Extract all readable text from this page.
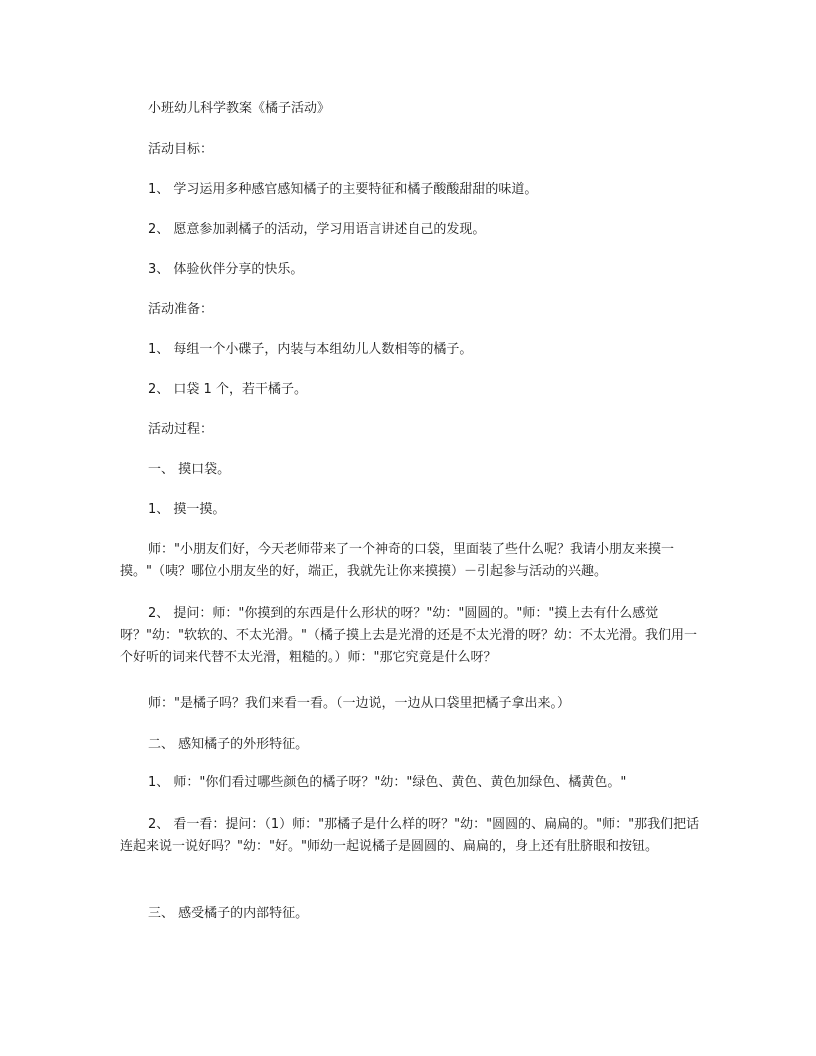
小班幼儿科学教案《橘子活动》
活动目标：
1、 学习运用多种感官感知橘子的主要特征和橘子酸酸甜甜的味道。
2、 愿意参加剥橘子的活动，学习用语言讲述自己的发现。
3、 体验伙伴分享的快乐。
活动准备：
1、 每组一个小碟子，内装与本组幼儿人数相等的橘子。
2、 口袋 1 个，若干橘子。
活动过程：
一、 摸口袋。
1、 摸一摸。
师："小朋友们好，今天老师带来了一个神奇的口袋，里面装了些什么呢？我请小朋友来摸一摸。"（咦？哪位小朋友坐的好，端正，我就先让你来摸摸）－引起参与活动的兴趣。
2、 提问：师："你摸到的东西是什么形状的呀？"幼："圆圆的。"师："摸上去有什么感觉呀？"幼："软软的、不太光滑。"（橘子摸上去是光滑的还是不太光滑的呀？幼：不太光滑。我们用一个好听的词来代替不太光滑，粗糙的。）师："那它究竟是什么呀？
师："是橘子吗？我们来看一看。（一边说，一边从口袋里把橘子拿出来。）
二、 感知橘子的外形特征。
1、 师："你们看过哪些颜色的橘子呀？"幼："绿色、黄色、黄色加绿色、橘黄色。"
2、 看一看：提问：（1）师："那橘子是什么样的呀？"幼："圆圆的、扁扁的。"师："那我们把话连起来说一说好吗？"幼："好。"师幼一起说橘子是圆圆的、扁扁的，身上还有肚脐眼和按钮。
三、 感受橘子的内部特征。
